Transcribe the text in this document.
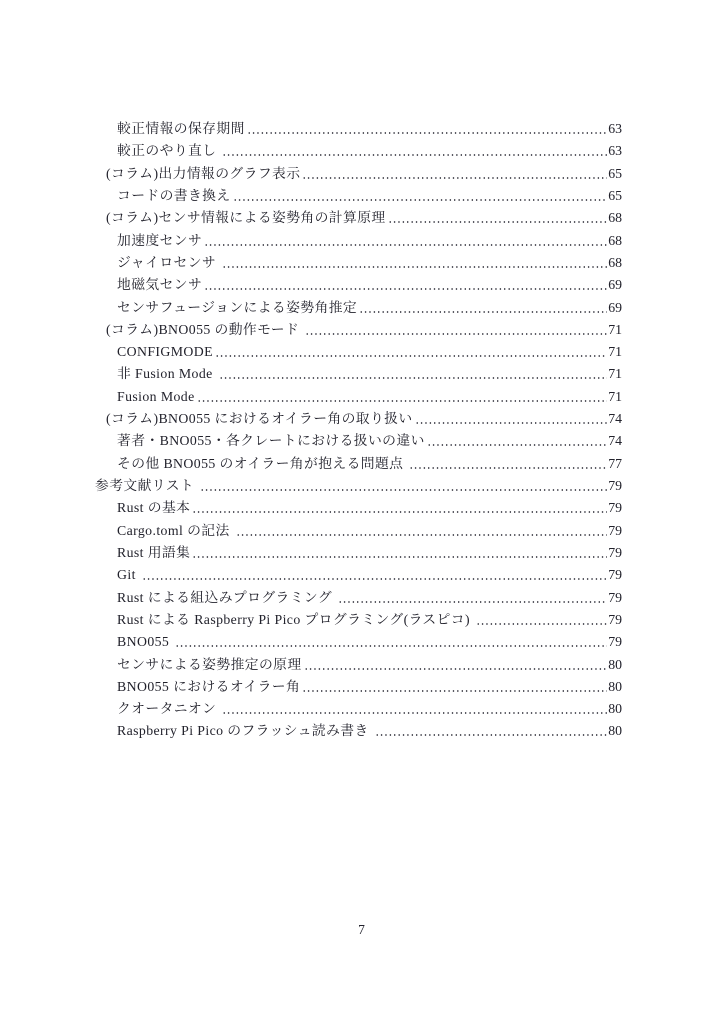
較正情報の保存期間	63
較正のやり直し	63
(コラム)出力情報のグラフ表示	65
コードの書き換え	65
(コラム)センサ情報による姿勢角の計算原理	68
加速度センサ	68
ジャイロセンサ	68
地磁気センサ	69
センサフュージョンによる姿勢角推定	69
(コラム)BNO055 の動作モード	71
CONFIGMODE	71
非 Fusion Mode	71
Fusion Mode	71
(コラム)BNO055 におけるオイラー角の取り扱い	74
著者・BNO055・各クレートにおける扱いの違い	74
その他 BNO055 のオイラー角が抱える問題点	77
参考文献リスト	79
Rust の基本	79
Cargo.toml の記法	79
Rust 用語集	79
Git	79
Rust による組込みプログラミング	79
Rust による Raspberry Pi Pico プログラミング(ラスピコ)	79
BNO055	79
センサによる姿勢推定の原理	80
BNO055 におけるオイラー角	80
クオータニオン	80
Raspberry Pi Pico のフラッシュ読み書き	80
7
